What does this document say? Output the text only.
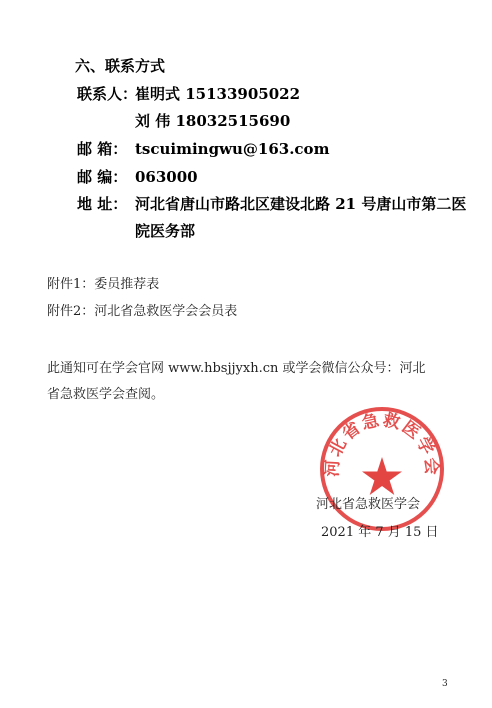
六、联系方式
联系人：
崔明式 15133905022
刘 伟 18032515690
邮 箱： tscuimingwu@163.com
邮 编： 063000
地 址： 河北省唐山市路北区建设北路 21 号唐山市第二医
院医务部
附件1：委员推荐表
附件2：河北省急救医学会会员表
此通知可在学会官网 www.hbsjjyxh.cn 或学会微信公众号：河北
省急救医学会查阅。
河北省急救医学会
河北省急救医学会
2021 年 7 月 15 日
3
